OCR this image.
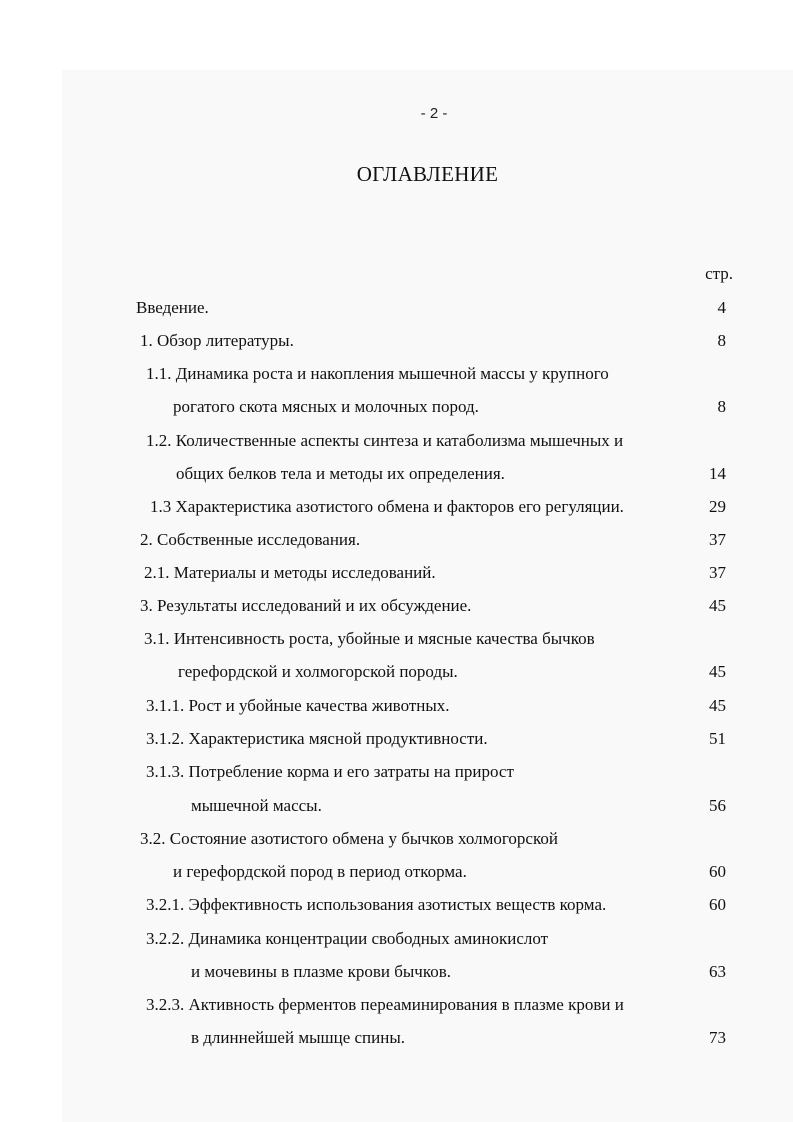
- 2 -
ОГЛАВЛЕНИЕ
стр.
Введение.	4
1. Обзор литературы.	8
1.1. Динамика роста и накопления мышечной массы у крупного
рогатого скота мясных и молочных пород.	8
1.2. Количественные аспекты синтеза и катаболизма мышечных и
общих белков тела и методы их определения.	14
1.3 Характеристика азотистого обмена и факторов его регуляции.	29
2. Собственные исследования.	37
2.1. Материалы и методы исследований.	37
3. Результаты исследований и их обсуждение.	45
3.1. Интенсивность роста, убойные и мясные качества бычков
герефордской и холмогорской породы.	45
3.1.1. Рост и убойные качества животных.	45
3.1.2. Характеристика мясной продуктивности.	51
3.1.3. Потребление корма и его затраты на прирост
мышечной массы.	56
3.2. Состояние азотистого обмена у бычков холмогорской
и герефордской пород в период откорма.	60
3.2.1. Эффективность использования азотистых веществ корма.	60
3.2.2. Динамика концентрации свободных аминокислот
и мочевины в плазме крови бычков.	63
3.2.3. Активность ферментов переаминирования в плазме крови и
в длиннейшей мышце спины.	73
